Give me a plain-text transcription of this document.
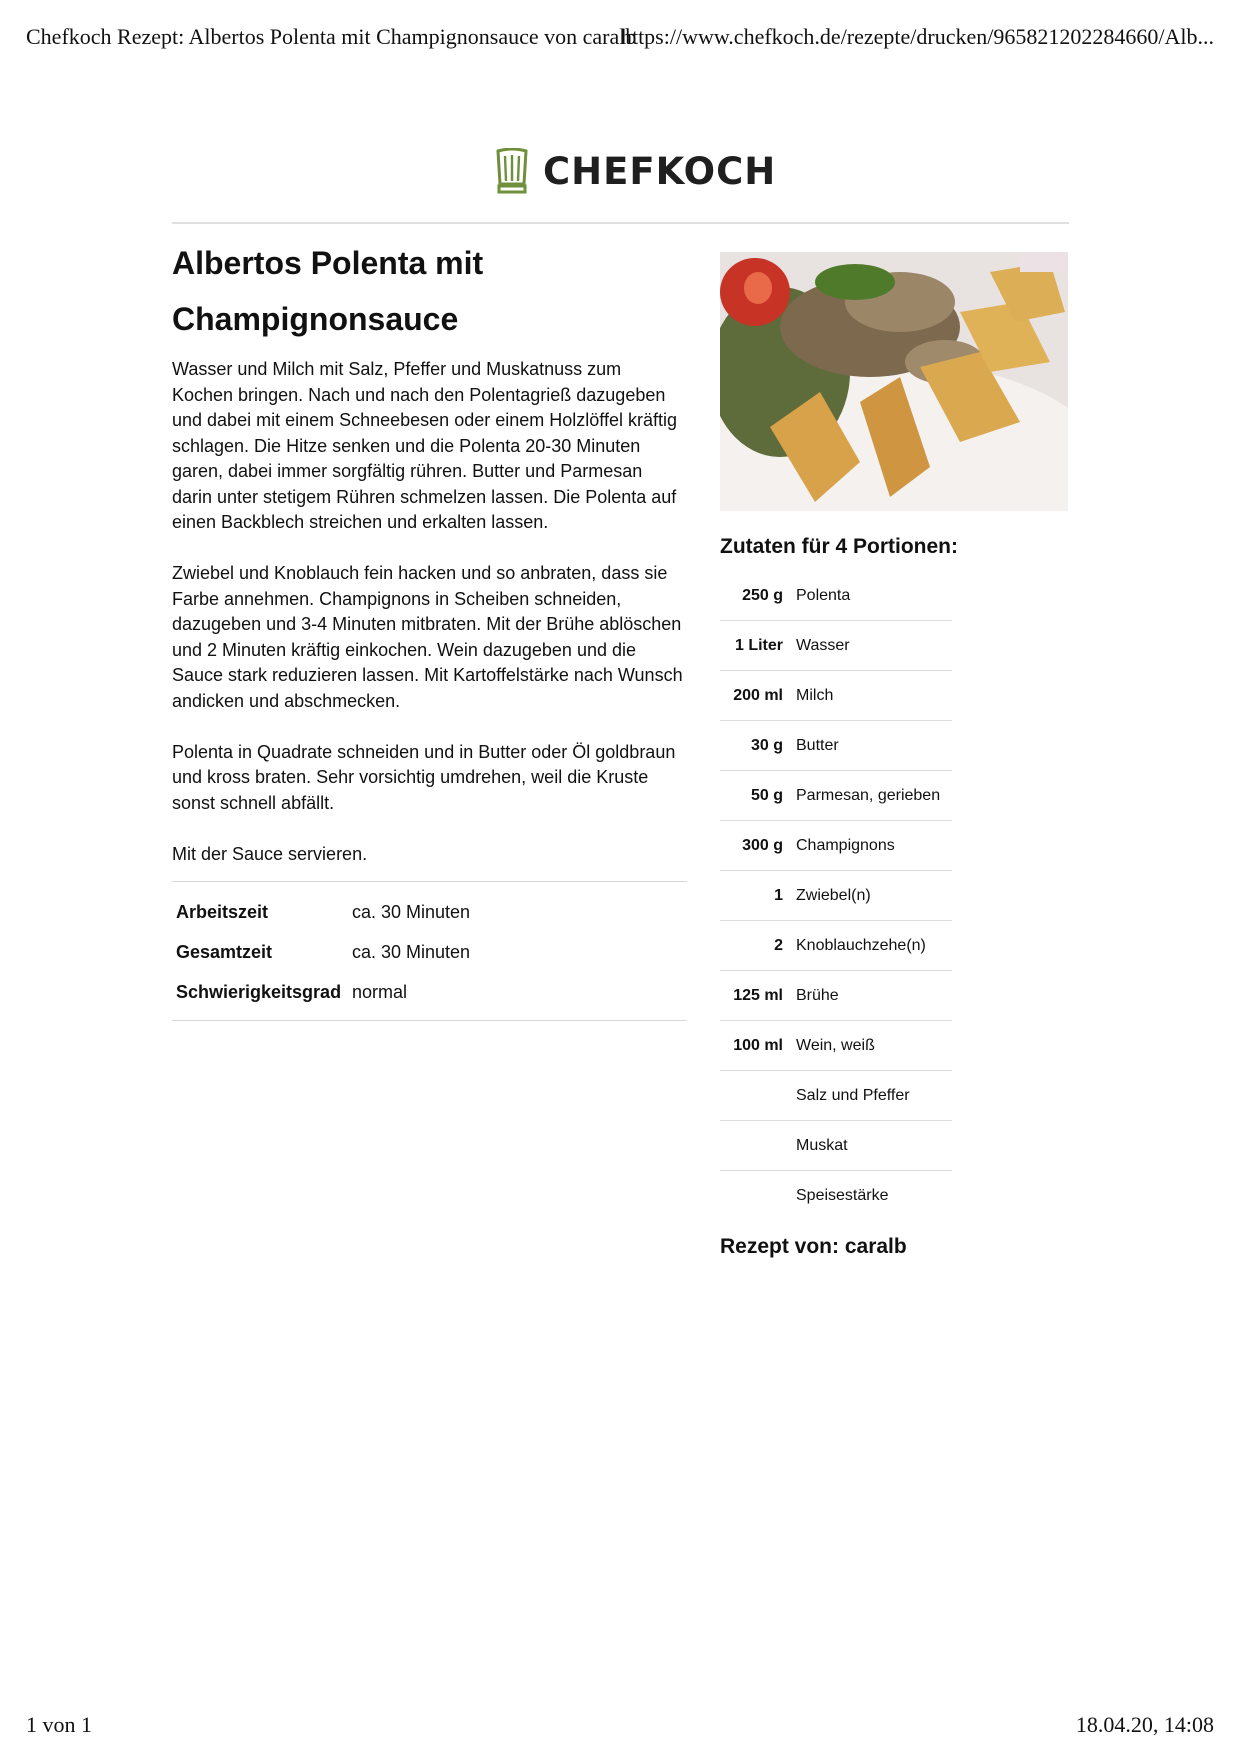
Chefkoch Rezept: Albertos Polenta mit Champignonsauce von caralb
https://www.chefkoch.de/rezepte/drucken/965821202284660/Alb...
CHEFKOCH
Albertos Polenta mit
Champignonsauce

Wasser und Milch mit Salz, Pfeffer und Muskatnuss zum Kochen bringen. Nach und nach den Polentagrieß dazugeben und dabei mit einem Schneebesen oder einem Holzlöffel kräftig schlagen. Die Hitze senken und die Polenta 20-30 Minuten garen, dabei immer sorgfältig rühren. Butter und Parmesan darin unter stetigem Rühren schmelzen lassen. Die Polenta auf einen Backblech streichen und erkalten lassen.

Zwiebel und Knoblauch fein hacken und so anbraten, dass sie Farbe annehmen. Champignons in Scheiben schneiden, dazugeben und 3-4 Minuten mitbraten. Mit der Brühe ablöschen und 2 Minuten kräftig einkochen. Wein dazugeben und die Sauce stark reduzieren lassen. Mit Kartoffelstärke nach Wunsch andicken und abschmecken.

Polenta in Quadrate schneiden und in Butter oder Öl goldbraun und kross braten. Sehr vorsichtig umdrehen, weil die Kruste sonst schnell abfällt.

Mit der Sauce servieren.

Arbeitszeit	ca. 30 Minuten
Gesamtzeit	ca. 30 Minuten
Schwierigkeitsgrad normal
Zutaten für 4 Portionen:
250 g Polenta
1 Liter Wasser
200 ml Milch
30 g Butter
50 g Parmesan, gerieben
300 g Champignons
1 Zwiebel(n)
2 Knoblauchzehe(n)
125 ml Brühe
100 ml Wein, weiß
Salz und Pfeffer
Muskat
Speisestärke
Rezept von: caralb
1 von 1	18.04.20, 14:08
